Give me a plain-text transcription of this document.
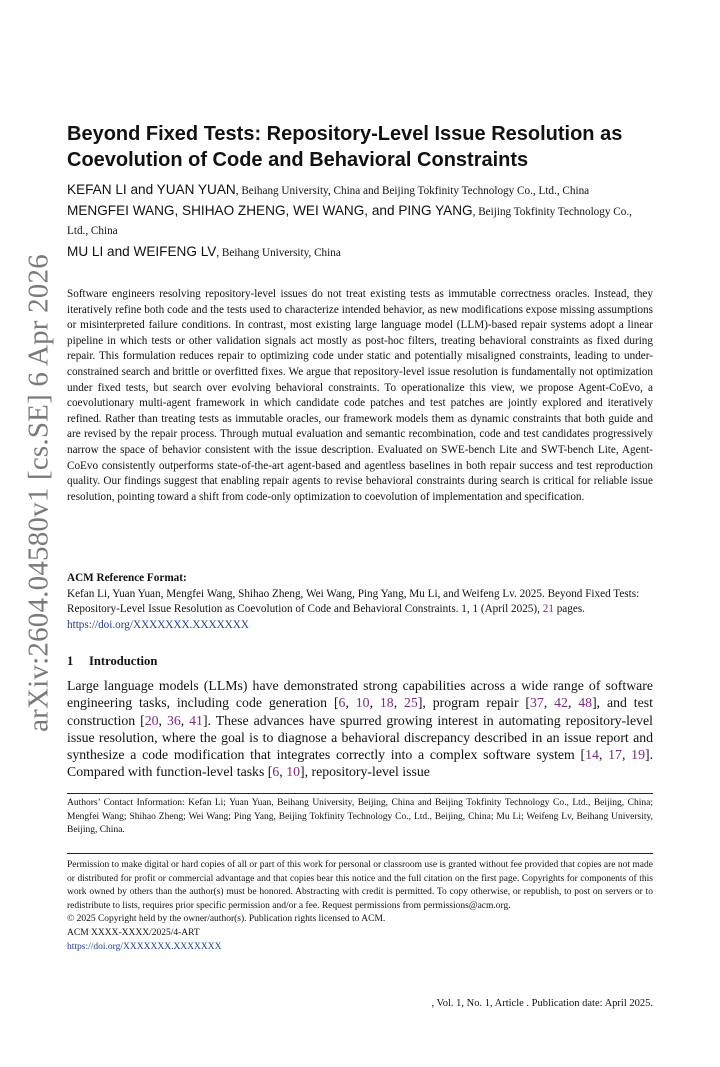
arXiv:2604.04580v1 [cs.SE] 6 Apr 2026
Beyond Fixed Tests: Repository-Level Issue Resolution as Coevolution of Code and Behavioral Constraints
KEFAN LI and YUAN YUAN, Beihang University, China and Beijing Tokfinity Technology Co., Ltd., China
MENGFEI WANG, SHIHAO ZHENG, WEI WANG, and PING YANG, Beijing Tokfinity Technology Co., Ltd., China
MU LI and WEIFENG LV, Beihang University, China

Software engineers resolving repository-level issues do not treat existing tests as immutable correctness oracles. Instead, they iteratively refine both code and the tests used to characterize intended behavior, as new modifications expose missing assumptions or misinterpreted failure conditions. In contrast, most existing large language model (LLM)-based repair systems adopt a linear pipeline in which tests or other validation signals act mostly as post-hoc filters, treating behavioral constraints as fixed during repair. This formulation reduces repair to optimizing code under static and potentially misaligned constraints, leading to under-constrained search and brittle or overfitted fixes. We argue that repository-level issue resolution is fundamentally not optimization under fixed tests, but search over evolving behavioral constraints. To operationalize this view, we propose Agent-CoEvo, a coevolutionary multi-agent framework in which candidate code patches and test patches are jointly explored and iteratively refined. Rather than treating tests as immutable oracles, our framework models them as dynamic constraints that both guide and are revised by the repair process. Through mutual evaluation and semantic recombination, code and test candidates progressively narrow the space of behavior consistent with the issue description. Evaluated on SWE-bench Lite and SWT-bench Lite, Agent-CoEvo consistently outperforms state-of-the-art agent-based and agentless baselines in both repair success and test reproduction quality. Our findings suggest that enabling repair agents to revise behavioral constraints during search is critical for reliable issue resolution, pointing toward a shift from code-only optimization to coevolution of implementation and specification.

ACM Reference Format:
Kefan Li, Yuan Yuan, Mengfei Wang, Shihao Zheng, Wei Wang, Ping Yang, Mu Li, and Weifeng Lv. 2025. Beyond Fixed Tests: Repository-Level Issue Resolution as Coevolution of Code and Behavioral Constraints. 1, 1 (April 2025), 21 pages. https://doi.org/XXXXXXX.XXXXXXX
1 Introduction

Large language models (LLMs) have demonstrated strong capabilities across a wide range of software engineering tasks, including code generation [6, 10, 18, 25], program repair [37, 42, 48], and test construction [20, 36, 41]. These advances have spurred growing interest in automating repository-level issue resolution, where the goal is to diagnose a behavioral discrepancy described in an issue report and synthesize a code modification that integrates correctly into a complex software system [14, 17, 19]. Compared with function-level tasks [6, 10], repository-level issue

Authors’ Contact Information: Kefan Li; Yuan Yuan, Beihang University, Beijing, China and Beijing Tokfinity Technology Co., Ltd., Beijing, China; Mengfei Wang; Shihao Zheng; Wei Wang; Ping Yang, Beijing Tokfinity Technology Co., Ltd., Beijing, China; Mu Li; Weifeng Lv, Beihang University, Beijing, China.

Permission to make digital or hard copies of all or part of this work for personal or classroom use is granted without fee provided that copies are not made or distributed for profit or commercial advantage and that copies bear this notice and the full citation on the first page. Copyrights for components of this work owned by others than the author(s) must be honored. Abstracting with credit is permitted. To copy otherwise, or republish, to post on servers or to redistribute to lists, requires prior specific permission and/or a fee. Request permissions from permissions@acm.org.

© 2025 Copyright held by the owner/author(s). Publication rights licensed to ACM.

ACM XXXX-XXXX/2025/4-ART

https://doi.org/XXXXXXX.XXXXXXX

, Vol. 1, No. 1, Article . Publication date: April 2025.
